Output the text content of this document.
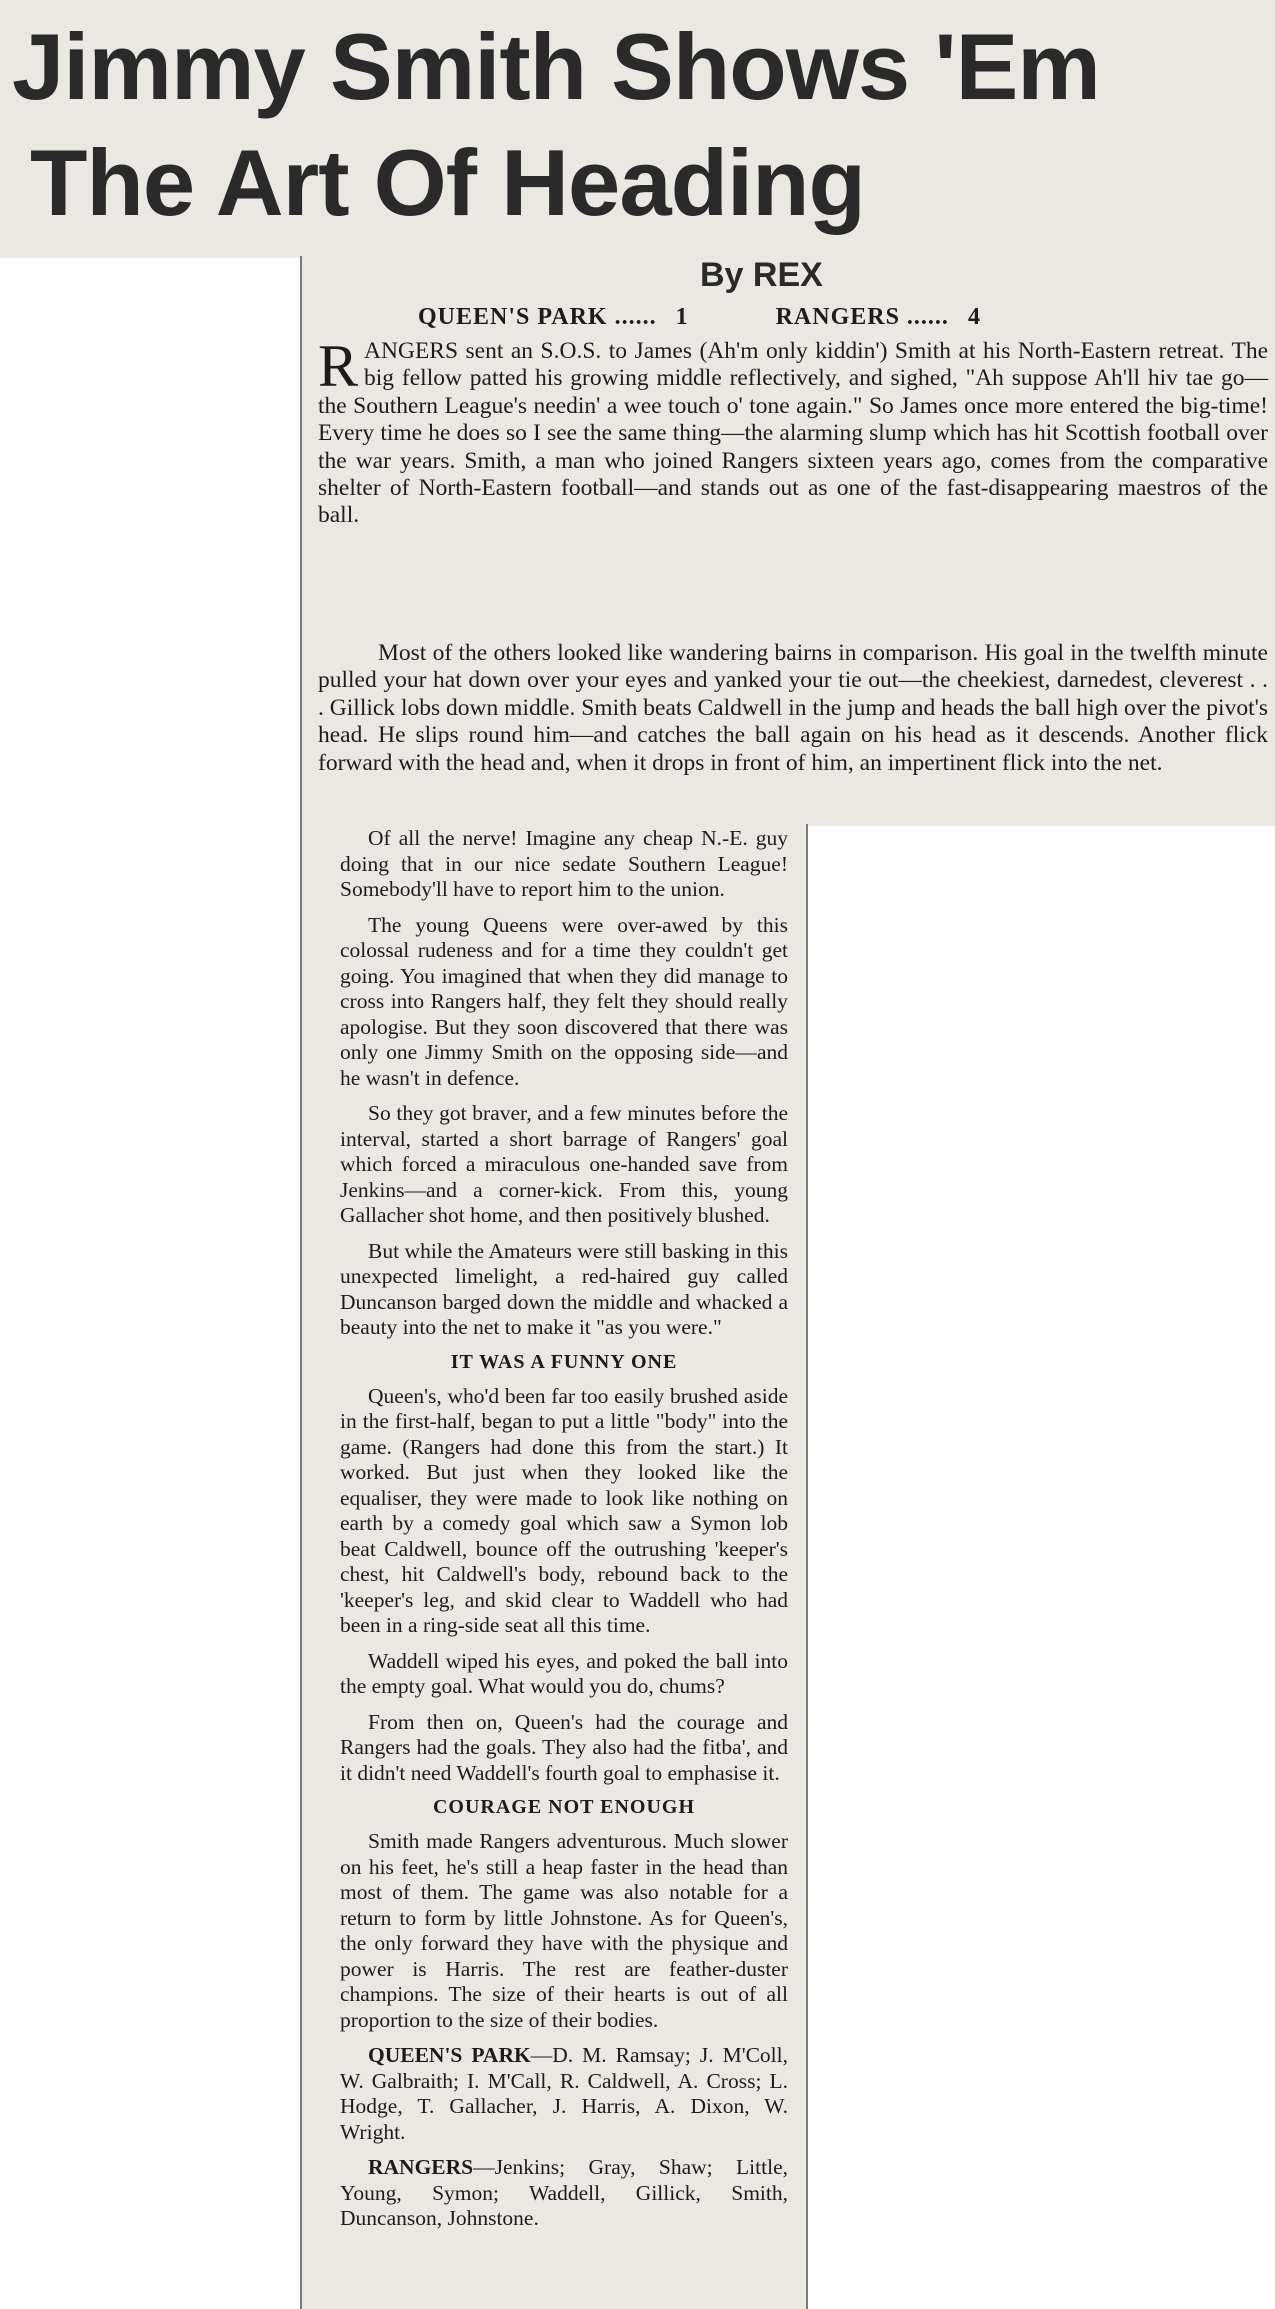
Jimmy Smith Shows 'Em
The Art Of Heading
By REX
QUEEN'S PARK ...... 1	RANGERS ...... 4

RANGERS sent an S.O.S. to James (Ah'm only kiddin') Smith at his North-Eastern retreat. The big fellow patted his growing middle reflectively, and sighed, "Ah suppose Ah'll hiv tae go—the Southern League's needin' a wee touch o' tone again." So James once more entered the big-time! Every time he does so I see the same thing—the alarming slump which has hit Scottish football over the war years. Smith, a man who joined Rangers sixteen years ago, comes from the comparative shelter of North-Eastern football—and stands out as one of the fast-disappearing maestros of the ball.

Most of the others looked like wandering bairns in comparison. His goal in the twelfth minute pulled your hat down over your eyes and yanked your tie out—the cheekiest, darnedest, cleverest . . . Gillick lobs down middle. Smith beats Caldwell in the jump and heads the ball high over the pivot's head. He slips round him—and catches the ball again on his head as it descends. Another flick forward with the head and, when it drops in front of him, an impertinent flick into the net.

Of all the nerve! Imagine any cheap N.-E. guy doing that in our nice sedate Southern League! Somebody'll have to report him to the union.

The young Queens were over-awed by this colossal rudeness and for a time they couldn't get going. You imagined that when they did manage to cross into Rangers half, they felt they should really apologise. But they soon discovered that there was only one Jimmy Smith on the opposing side—and he wasn't in defence.

So they got braver, and a few minutes before the interval, started a short barrage of Rangers' goal which forced a miraculous one-handed save from Jenkins—and a corner-kick. From this, young Gallacher shot home, and then positively blushed.

But while the Amateurs were still basking in this unexpected limelight, a red-haired guy called Duncanson barged down the middle and whacked a beauty into the net to make it "as you were."

IT WAS A FUNNY ONE

Queen's, who'd been far too easily brushed aside in the first-half, began to put a little "body" into the game. (Rangers had done this from the start.) It worked. But just when they looked like the equaliser, they were made to look like nothing on earth by a comedy goal which saw a Symon lob beat Caldwell, bounce off the outrushing 'keeper's chest, hit Caldwell's body, rebound back to the 'keeper's leg, and skid clear to Waddell who had been in a ring-side seat all this time.

Waddell wiped his eyes, and poked the ball into the empty goal. What would you do, chums?

From then on, Queen's had the courage and Rangers had the goals. They also had the fitba', and it didn't need Waddell's fourth goal to emphasise it.

COURAGE NOT ENOUGH

Smith made Rangers adventurous. Much slower on his feet, he's still a heap faster in the head than most of them. The game was also notable for a return to form by little Johnstone. As for Queen's, the only forward they have with the physique and power is Harris. The rest are feather-duster champions. The size of their hearts is out of all proportion to the size of their bodies.

QUEEN'S PARK—D. M. Ramsay; J. M'Coll, W. Galbraith; I. M'Call, R. Caldwell, A. Cross; L. Hodge, T. Gallacher, J. Harris, A. Dixon, W. Wright.

RANGERS—Jenkins; Gray, Shaw; Little, Young, Symon; Waddell, Gillick, Smith, Duncanson, Johnstone.
